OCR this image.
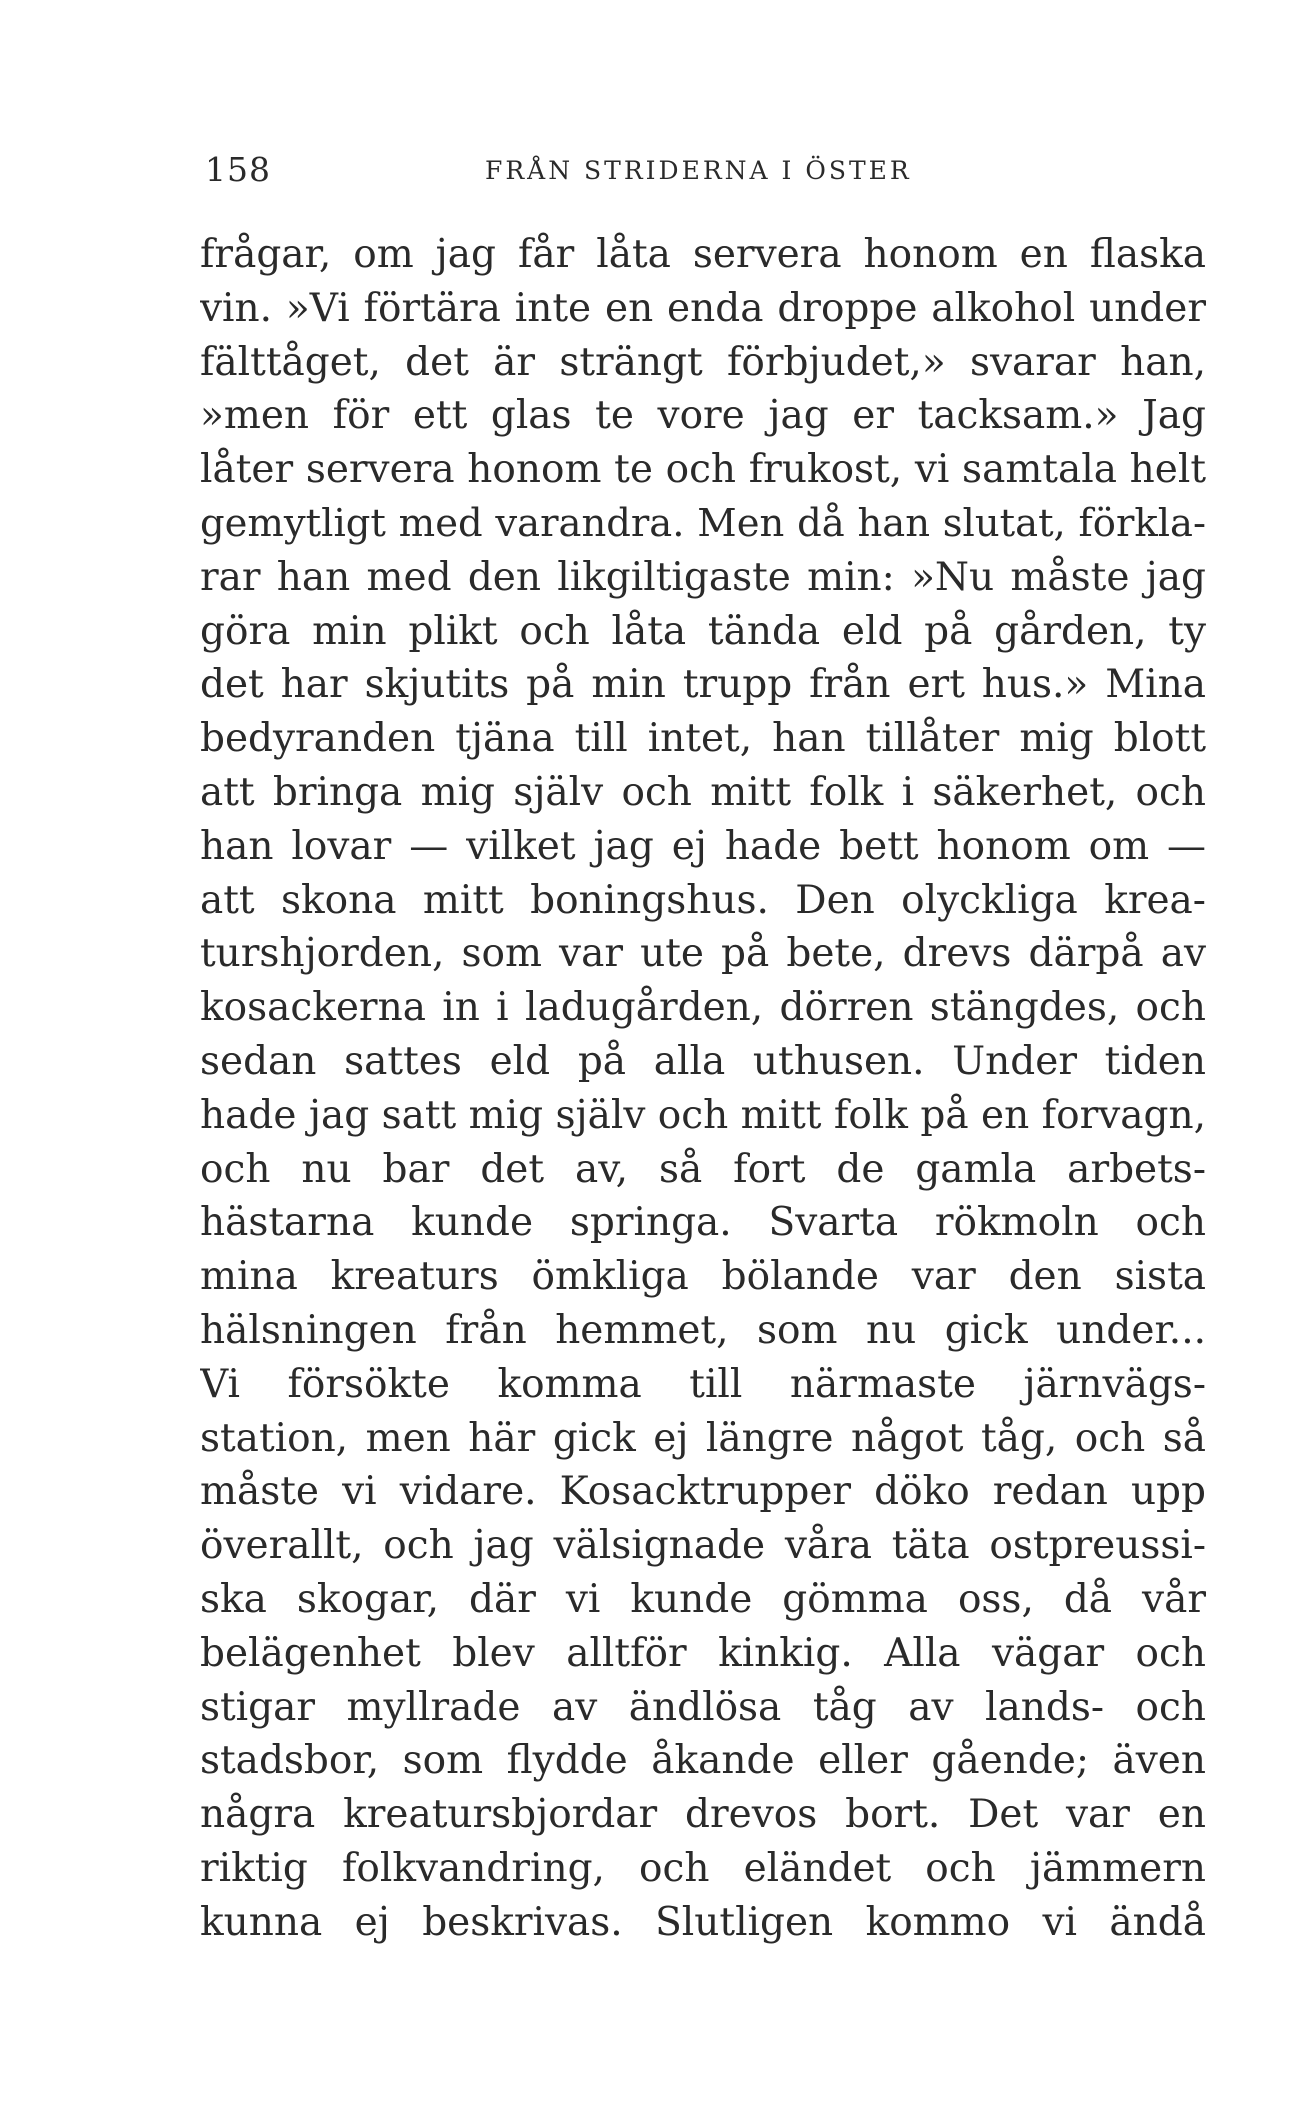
158	FRÅN STRIDERNA I ÖSTER
frågar, om jag får låta servera honom en flaska
vin. »Vi förtära inte en enda droppe alkohol under
fälttåget, det är strängt förbjudet,» svarar han,
»men för ett glas te vore jag er tacksam.» Jag
låter servera honom te och frukost, vi samtala helt
gemytligt med varandra. Men då han slutat, förkla-
rar han med den likgiltigaste min: »Nu måste jag
göra min plikt och låta tända eld på gården, ty
det har skjutits på min trupp från ert hus.» Mina
bedyranden tjäna till intet, han tillåter mig blott
att bringa mig själv och mitt folk i säkerhet, och
han lovar — vilket jag ej hade bett honom om —
att skona mitt boningshus. Den olyckliga krea-
turshjorden, som var ute på bete, drevs därpå av
kosackerna in i ladugården, dörren stängdes, och
sedan sattes eld på alla uthusen. Under tiden
hade jag satt mig själv och mitt folk på en forvagn,
och nu bar det av, så fort de gamla arbets-
hästarna kunde springa. Svarta rökmoln och
mina kreaturs ömkliga bölande var den sista
hälsningen från hemmet, som nu gick under...
Vi försökte komma till närmaste järnvägs-
station, men här gick ej längre något tåg, och så
måste vi vidare. Kosacktrupper döko redan upp
överallt, och jag välsignade våra täta ostpreussi-
ska skogar, där vi kunde gömma oss, då vår
belägenhet blev alltför kinkig. Alla vägar och
stigar myllrade av ändlösa tåg av lands- och
stadsbor, som flydde åkande eller gående; även
några kreatursbjordar drevos bort. Det var en
riktig folkvandring, och eländet och jämmern
kunna ej beskrivas. Slutligen kommo vi ändå
